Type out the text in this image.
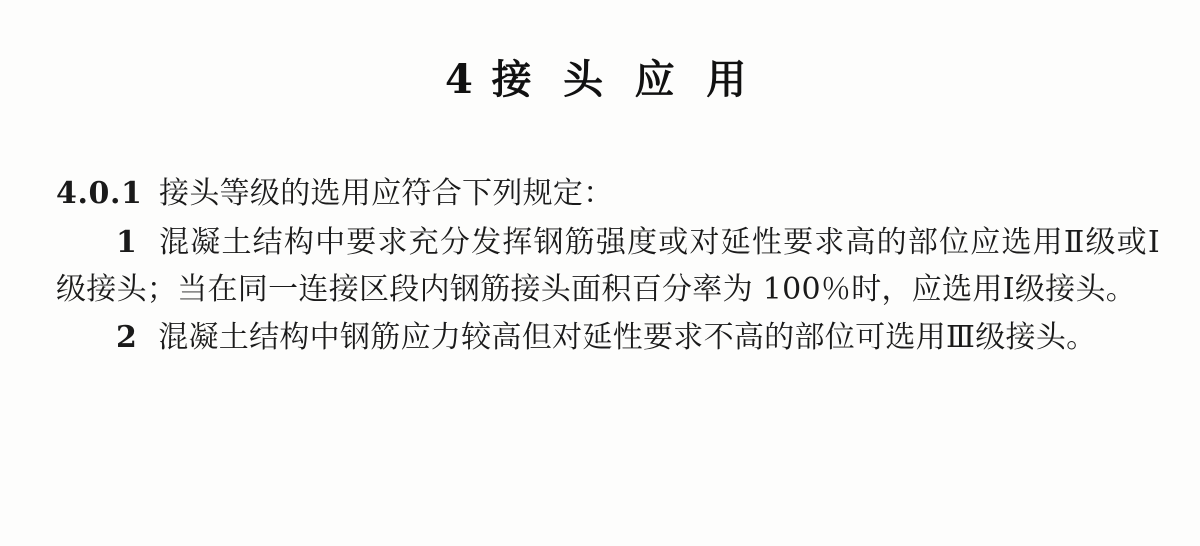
4 接 头 应 用

4.0.1 接头等级的选用应符合下列规定：

1 混凝土结构中要求充分发挥钢筋强度或对延性要求高的部位应选用Ⅱ级或Ⅰ级接头；当在同一连接区段内钢筋接头面积百分率为 100％时，应选用Ⅰ级接头。

2 混凝土结构中钢筋应力较高但对延性要求不高的部位可选用Ⅲ级接头。
